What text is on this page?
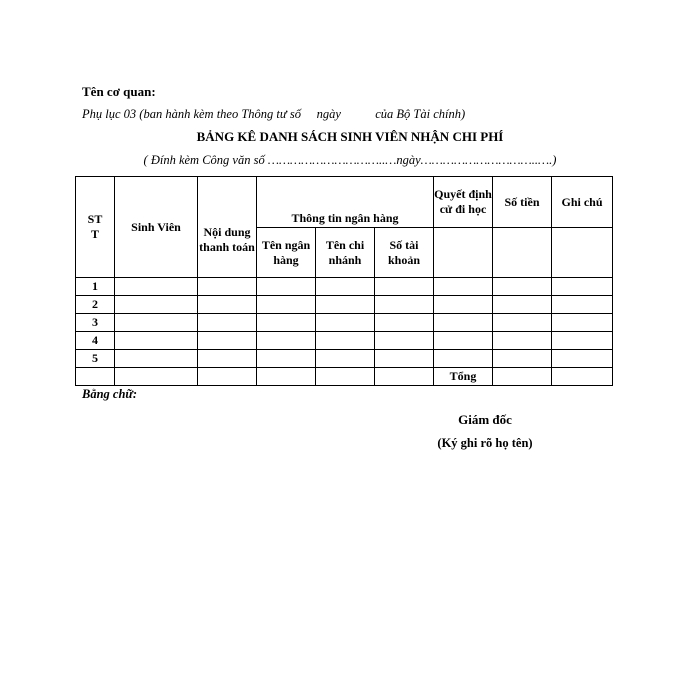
Tên cơ quan:
Phụ lục 03 (ban hành kèm theo Thông tư số     ngày           của Bộ Tài chính)
BẢNG KÊ DANH SÁCH SINH VIÊN NHẬN CHI PHÍ
( Đính kèm Công văn số …………………………..…ngày…………………………..….)
STT	Sinh Viên	Nội dung thanh toán	Thông tin ngân hàng			Quyết định cử đi học	Số tiền	Ghi chú
			Tên ngân hàng	Tên chi nhánh	Số tài khoản			
1								
2								
3								
4								
5								
						Tổng		
Bằng chữ:
Giám đốc
(Ký ghi rõ họ tên)
